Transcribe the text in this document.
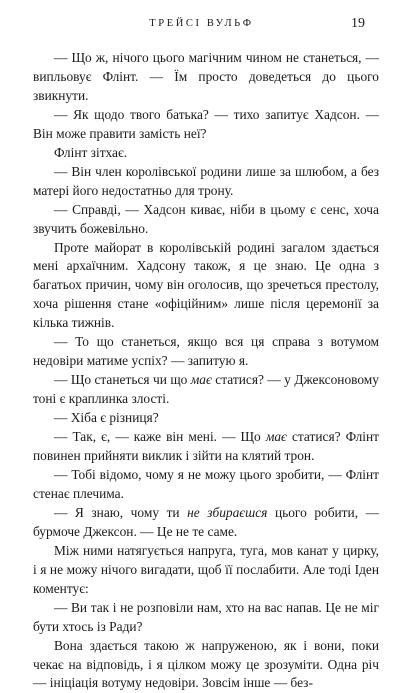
ТРЕЙСІ ВУЛЬФ	19

— Що ж, нічого цього магічним чином не станеться, — випльовує Флінт. — Їм просто доведеться до цього звикнути.

— Як щодо твого батька? — тихо запитує Хадсон. — Він може правити замість неї?

Флінт зітхає.

— Він член королівської родини лише за шлюбом, а без матері його недостатньо для трону.

— Справді, — Хадсон киває, ніби в цьому є сенс, хоча звучить божевільно.

Проте майорат в королівській родині загалом здається мені архаїчним. Хадсону також, я це знаю. Це одна з багатьох причин, чому він оголосив, що зречеться престолу, хоча рішення стане «офіційним» лише після церемонії за кілька тижнів.

— То що станеться, якщо вся ця справа з вотумом недовіри матиме успіх? — запитую я.

— Що станеться чи що має статися? — у Джексоновому тоні є краплинка злості.

— Хіба є різниця?

— Так, є, — каже він мені. — Що має статися? Флінт повинен прийняти виклик і зійти на клятий трон.

— Тобі відомо, чому я не можу цього зробити, — Флінт стенає плечима.

— Я знаю, чому ти не збираєшся цього робити, — бурмоче Джексон. — Це не те саме.

Між ними натягується напруга, туга, мов канат у цирку, і я не можу нічого вигадати, щоб її послабити. Але тоді Іден коментує:

— Ви так і не розповіли нам, хто на вас напав. Це не міг бути хтось із Ради?

Вона здається такою ж напруженою, як і вони, поки чекає на відповідь, і я цілком можу це зрозуміти. Одна річ — ініціація вотуму недовіри. Зовсім інше — без-
